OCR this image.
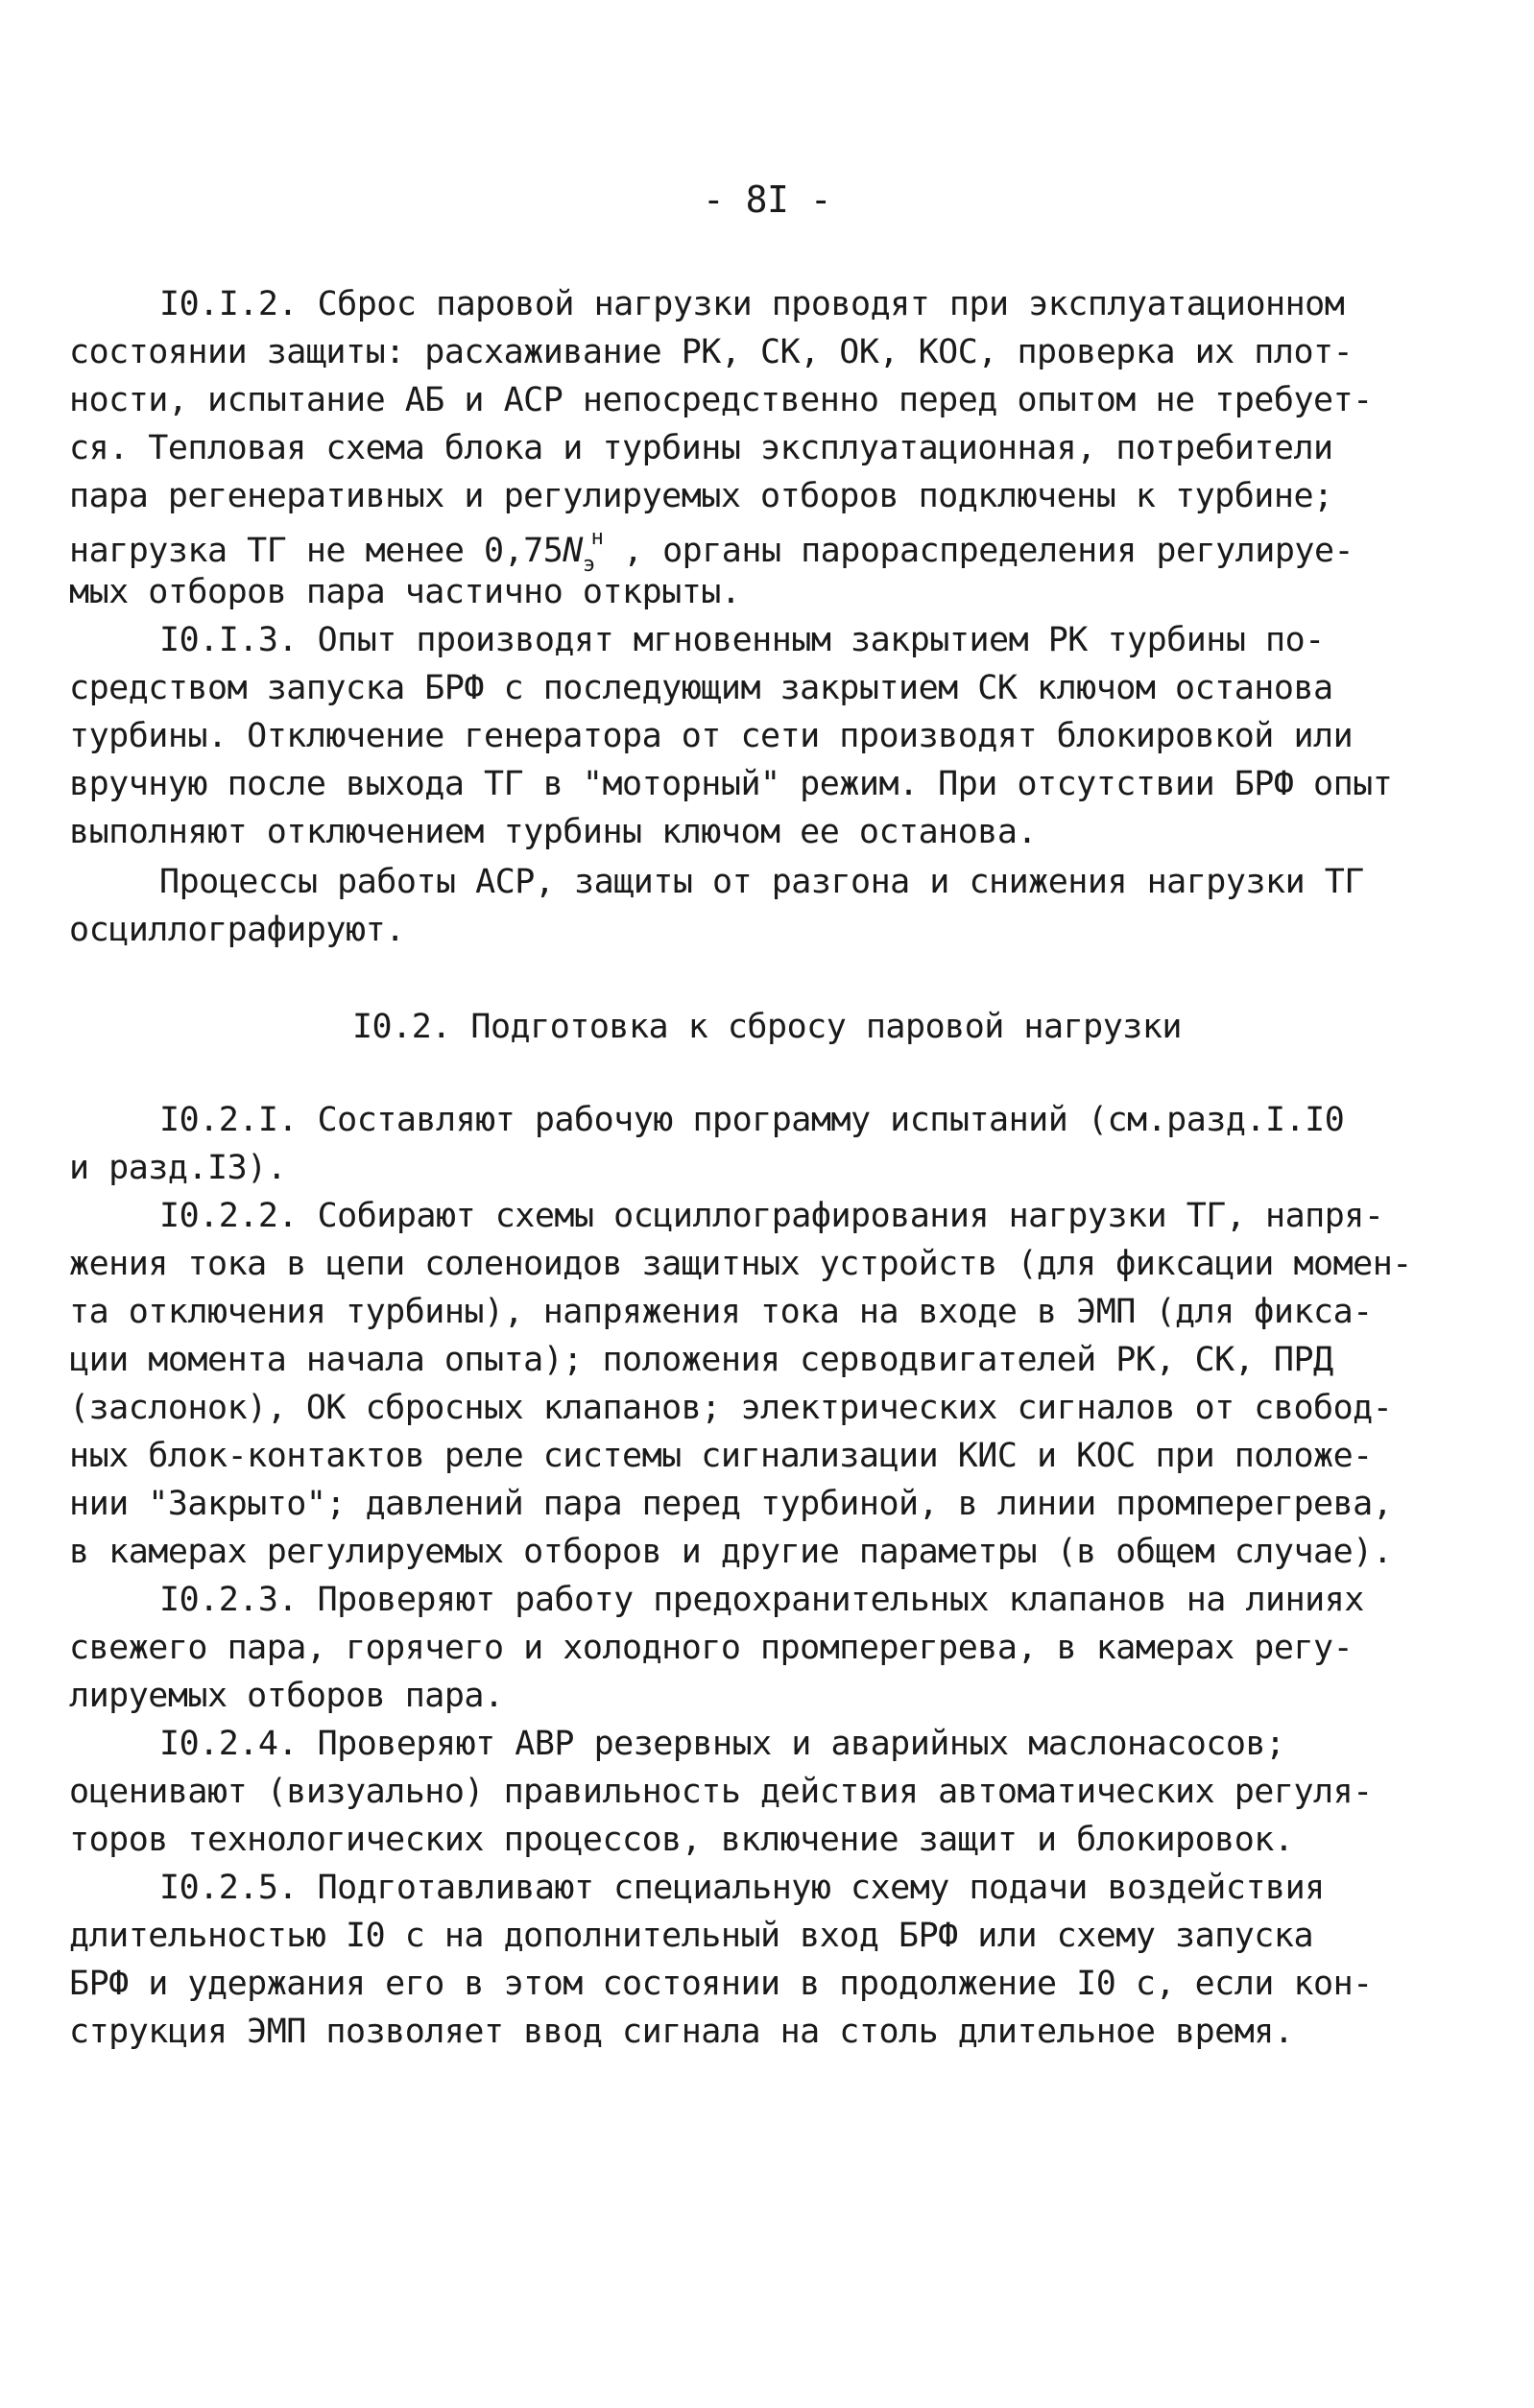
- 8I -
I0.I.2. Сброс паровой нагрузки проводят при эксплуатационном
состоянии защиты: расхаживание РК, СК, ОК, КОС, проверка их плот-
ности, испытание АБ и АСР непосредственно перед опытом не требует-
ся. Тепловая схема блока и турбины эксплуатационная, потребители
пара регенеративных и регулируемых отборов подключены к турбине;
нагрузка ТГ не менее $0,75N_э^н$ , органы парораспределения регулируе-
мых отборов пара частично открыты.
I0.I.3. Опыт производят мгновенным закрытием РК турбины по-
средством запуска БРФ с последующим закрытием СК ключом останова
турбины. Отключение генератора от сети производят блокировкой или
вручную после выхода ТГ в "моторный" режим. При отсутствии БРФ опыт
выполняют отключением турбины ключом ее останова.
Процессы работы АСР, защиты от разгона и снижения нагрузки ТГ
осциллографируют.
I0.2. Подготовка к сбросу паровой нагрузки
I0.2.I. Составляют рабочую программу испытаний (см.разд.I.I0
и разд.I3).
I0.2.2. Собирают схемы осциллографирования нагрузки ТГ, напря-
жения тока в цепи соленоидов защитных устройств (для фиксации момен-
та отключения турбины), напряжения тока на входе в ЭМП (для фикса-
ции момента начала опыта); положения серводвигателей РК, СК, ПРД
(заслонок), ОК сбросных клапанов; электрических сигналов от свобод-
ных блок-контактов реле системы сигнализации КИС и КОС при положе-
нии "Закрыто"; давлений пара перед турбиной, в линии промперегрева,
в камерах регулируемых отборов и другие параметры (в общем случае).
I0.2.3. Проверяют работу предохранительных клапанов на линиях
свежего пара, горячего и холодного промперегрева, в камерах регу-
лируемых отборов пара.
I0.2.4. Проверяют АВР резервных и аварийных маслонасосов;
оценивают (визуально) правильность действия автоматических регуля-
торов технологических процессов, включение защит и блокировок.
I0.2.5. Подготавливают специальную схему подачи воздействия
длительностью I0 с на дополнительный вход БРФ или схему запуска
БРФ и удержания его в этом состоянии в продолжение I0 с, если кон-
струкция ЭМП позволяет ввод сигнала на столь длительное время.
